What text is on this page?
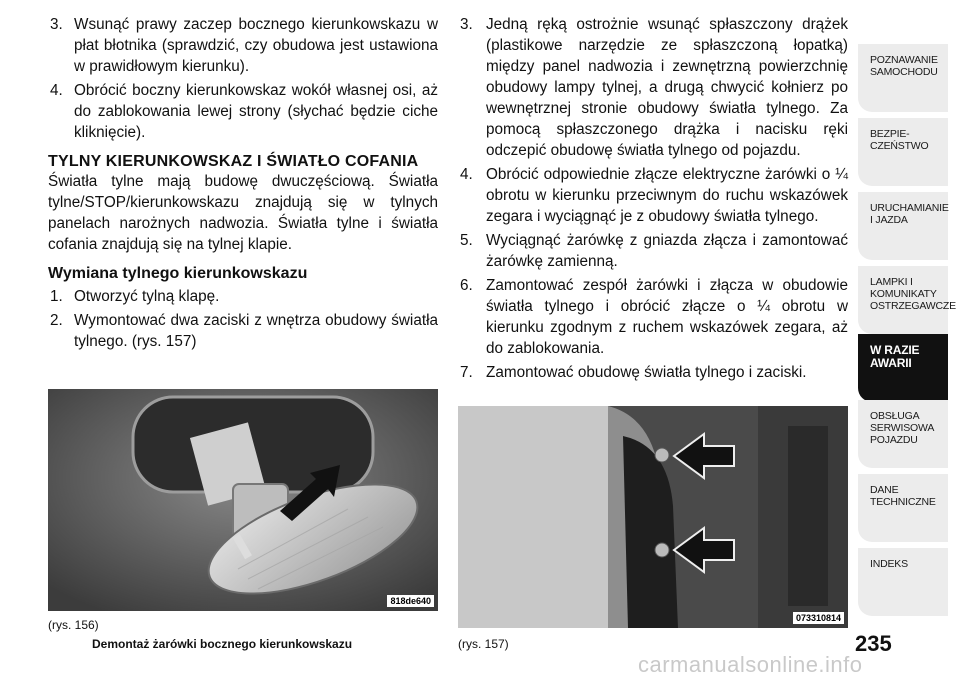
3. Wsunąć prawy zaczep bocznego kierunkowskazu w płat błotnika (sprawdzić, czy obudowa jest ustawiona w prawidłowym kierunku).
4. Obrócić boczny kierunkowskaz wokół własnej osi, aż do zablokowania lewej strony (słychać będzie ciche kliknięcie).
TYLNY KIERUNKOWSKAZ I ŚWIATŁO COFANIA
Światła tylne mają budowę dwuczęściową. Światła tylne/STOP/kierunkowskazu znajdują się w tylnych panelach narożnych nadwozia. Światła tylne i światła cofania znajdują się na tylnej klapie.
Wymiana tylnego kierunkowskazu
1. Otworzyć tylną klapę.
2. Wymontować dwa zaciski z wnętrza obudowy światła tylnego. (rys. 157)
3. Jedną ręką ostrożnie wsunąć spłaszczony drążek (plastikowe narzędzie ze spłaszczoną łopatką) między panel nadwozia i zewnętrzną powierzchnię obudowy lampy tylnej, a drugą chwycić kołnierz po wewnętrznej stronie obudowy światła tylnego. Za pomocą spłaszczonego drążka i nacisku ręki odczepić obudowę światła tylnego od pojazdu.
4. Obrócić odpowiednie złącze elektryczne żarówki o ¼ obrotu w kierunku przeciwnym do ruchu wskazówek zegara i wyciągnąć je z obudowy światła tylnego.
5. Wyciągnąć żarówkę z gniazda złącza i zamontować żarówkę zamienną.
6. Zamontować zespół żarówki i złącza w obudowie światła tylnego i obrócić złącze o ¼ obrotu w kierunku zgodnym z ruchem wskazówek zegara, aż do zablokowania.
7. Zamontować obudowę światła tylnego i zaciski.
818de640
(rys. 156)
Demontaż żarówki bocznego kierunkowskazu
073310814
(rys. 157)	235
carmanualsonline.info
POZNAWANIE
SAMOCHODU
BEZPIE-
CZEŃSTWO
URUCHAMIANIE
I JAZDA
LAMPKI I
KOMUNIKATY
OSTRZEGAWCZE
W RAZIE
AWARII
OBSŁUGA
SERWISOWA
POJAZDU
DANE
TECHNICZNE
INDEKS
